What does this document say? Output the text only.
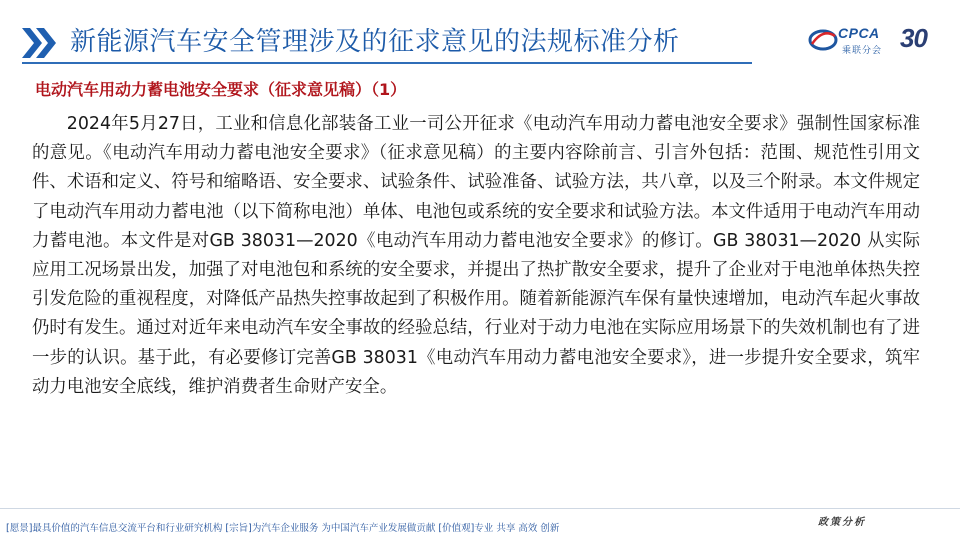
新能源汽车安全管理涉及的征求意见的法规标准分析	CPCA
乘联分会 30
电动汽车用动力蓄电池安全要求（征求意见稿）（1）

2024年5月27日，工业和信息化部装备工业一司公开征求《电动汽车用动力蓄电池安全要求》强制性国家标准的意见。《电动汽车用动力蓄电池安全要求》（征求意见稿）的主要内容除前言、引言外包括：范围、规范性引用文件、术语和定义、符号和缩略语、安全要求、试验条件、试验准备、试验方法，共八章，以及三个附录。本文件规定了电动汽车用动力蓄电池（以下简称电池）单体、电池包或系统的安全要求和试验方法。本文件适用于电动汽车用动力蓄电池。本文件是对GB 38031—2020《电动汽车用动力蓄电池安全要求》的修订。GB 38031—2020 从实际应用工况场景出发，加强了对电池包和系统的安全要求，并提出了热扩散安全要求，提升了企业对于电池单体热失控引发危险的重视程度，对降低产品热失控事故起到了积极作用。随着新能源汽车保有量快速增加，电动汽车起火事故仍时有发生。通过对近年来电动汽车安全事故的经验总结，行业对于动力电池在实际应用场景下的失效机制也有了进一步的认识。基于此，有必要修订完善GB 38031《电动汽车用动力蓄电池安全要求》，进一步提升安全要求，筑牢动力电池安全底线，维护消费者生命财产安全。

[愿景]最具价值的汽车信息交流平台和行业研究机构 [宗旨]为汽车企业服务 为中国汽车产业发展做贡献 [价值观]专业 共享 高效 创新
政策分析
